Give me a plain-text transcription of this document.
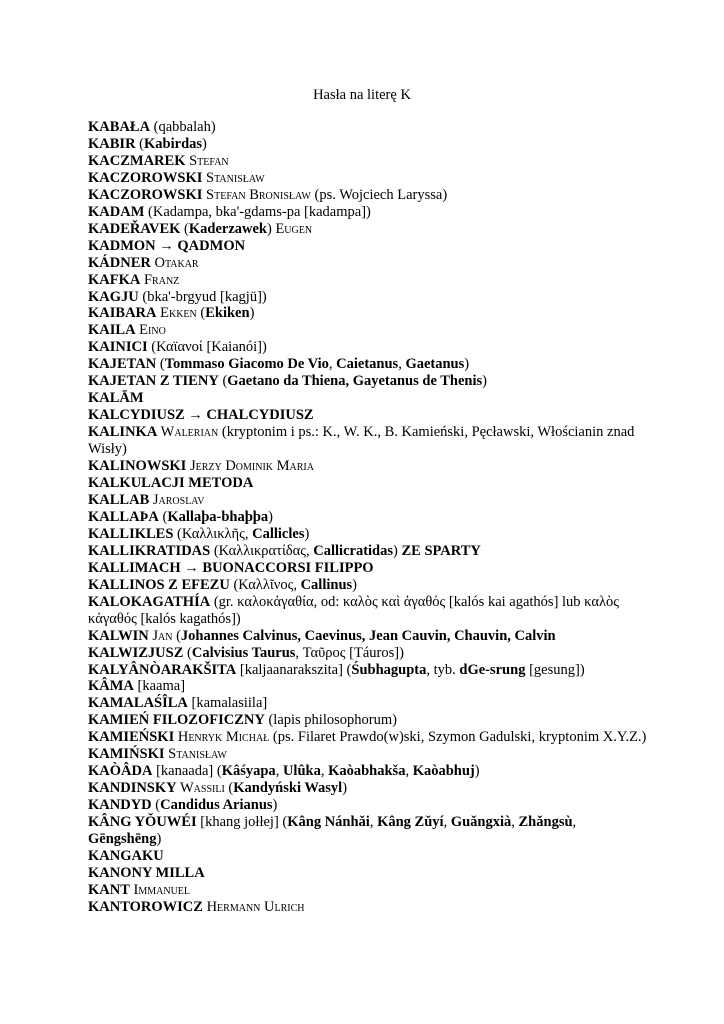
Hasła na literę K

KABAŁA (qabbalah)

KABIR (Kabirdas)

KACZMAREK Stefan

KACZOROWSKI Stanisław

KACZOROWSKI Stefan Bronisław (ps. Wojciech Laryssa)

KADAM (Kadampa, bka'-gdams-pa [kadampa])

KADEŘAVEK (Kaderzawek) Eugen

KADMON → QADMON

KÁDNER Otakar

KAFKA Franz

KAGJU (bka'-brgyud [kagjü])

KAIBARA Ekken (Ekiken)

KAILA Eino

KAINICI (Καϊανοί [Kaianói])

KAJETAN (Tommaso Giacomo De Vio, Caietanus, Gaetanus)

KAJETAN Z TIENY (Gaetano da Thiena, Gayetanus de Thenis)

KALĀM

KALCYDIUSZ → CHALCYDIUSZ

KALINKA Walerian (kryptonim i ps.: K., W. K., B. Kamieński, Pęcławski, Włościanin znad Wisły)

KALINOWSKI Jerzy Dominik Maria

KALKULACJI METODA

KALLAB Jaroslav

KALLAÞA (Kallaþa-bhaþþa)

KALLIKLES (Καλλικλῆς, Callicles)

KALLIKRATIDAS (Καλλικρατίδας, Callicratidas) ZE SPARTY

KALLIMACH → BUONACCORSI FILIPPO

KALLINOS Z EFEZU (Καλλῖνος, Callinus)

KALOKAGATHÍA (gr. καλοκἀγαθία, od: καλὸς καὶ ἀγαθός [kalós kai agathós] lub καλὸς κἀγαθός [kalós kagathós])

KALWIN Jan (Johannes Calvinus, Caevinus, Jean Cauvin, Chauvin, Calvin

KALWIZJUSZ (Calvisius Taurus, Ταῦρος [Táuros])

KALYÂNÒARAKŠITA [kaljaanarakszita] (Śubhagupta, tyb. dGe-srung [gesung])

KÂMA [kaama]

KAMALAŚÎLA [kamalasiila]

KAMIEŃ FILOZOFICZNY (lapis philosophorum)

KAMIEŃSKI Henryk Michał (ps. Filaret Prawdo(w)ski, Szymon Gadulski, kryptonim X.Y.Z.)

KAMIŃSKI Stanisław

KAÒÂDA [kanaada] (Kâśyapa, Ulûka, Kaòabhakša, Kaòabhuj)

KANDINSKY Wassili (Kandyński Wasyl)

KANDYD (Candidus Arianus)

KÂNG YǑUWÉI [khang jołłej] (Kâng Nánhǎi, Kâng Zǔyí, Guǎngxià, Zhǎngsù, Gēngshēng)

KANGAKU

KANONY MILLA

KANT Immanuel

KANTOROWICZ Hermann Ulrich
